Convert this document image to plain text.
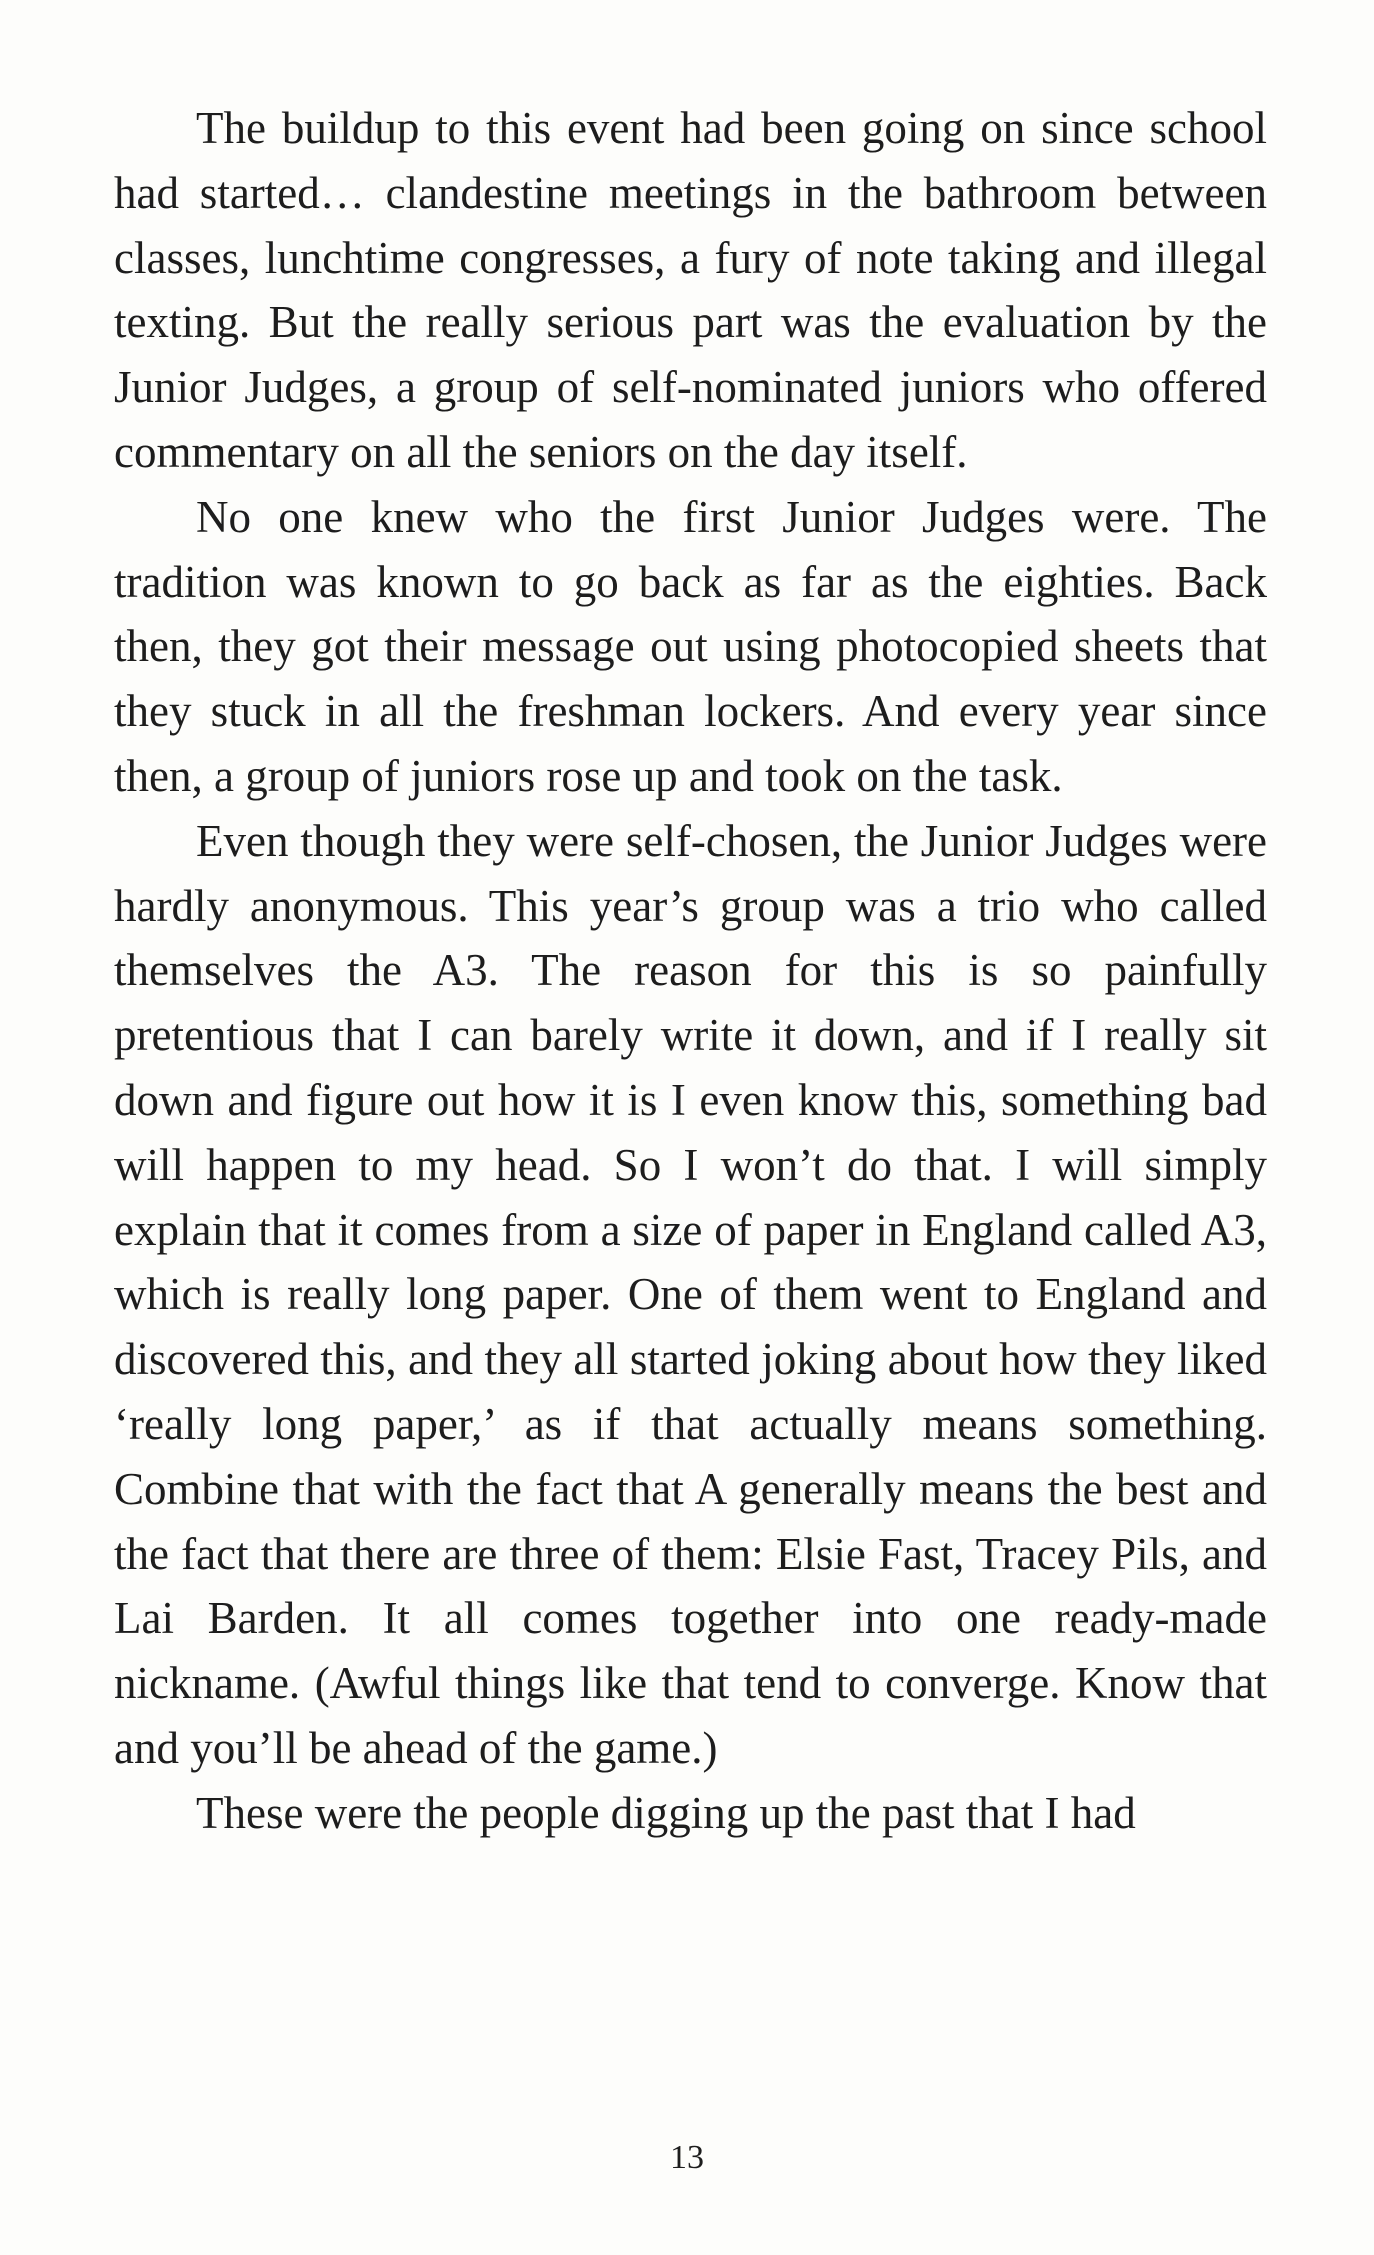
The buildup to this event had been going on since school had started… clandestine meetings in the bathroom between classes, lunchtime congresses, a fury of note taking and illegal texting. But the really serious part was the evaluation by the Junior Judges, a group of self-nominated juniors who offered commentary on all the seniors on the day itself.

No one knew who the first Junior Judges were. The tradition was known to go back as far as the eighties. Back then, they got their message out using photocopied sheets that they stuck in all the freshman lockers. And every year since then, a group of juniors rose up and took on the task.

Even though they were self-chosen, the Junior Judges were hardly anonymous. This year’s group was a trio who called themselves the A3. The reason for this is so painfully pretentious that I can barely write it down, and if I really sit down and figure out how it is I even know this, something bad will happen to my head. So I won’t do that. I will simply explain that it comes from a size of paper in England called A3, which is really long paper. One of them went to England and discovered this, and they all started joking about how they liked ‘really long paper,’ as if that actually means something. Combine that with the fact that A generally means the best and the fact that there are three of them: Elsie Fast, Tracey Pils, and Lai Barden. It all comes together into one ready-made nickname. (Awful things like that tend to converge. Know that and you’ll be ahead of the game.)

These were the people digging up the past that I had

13
